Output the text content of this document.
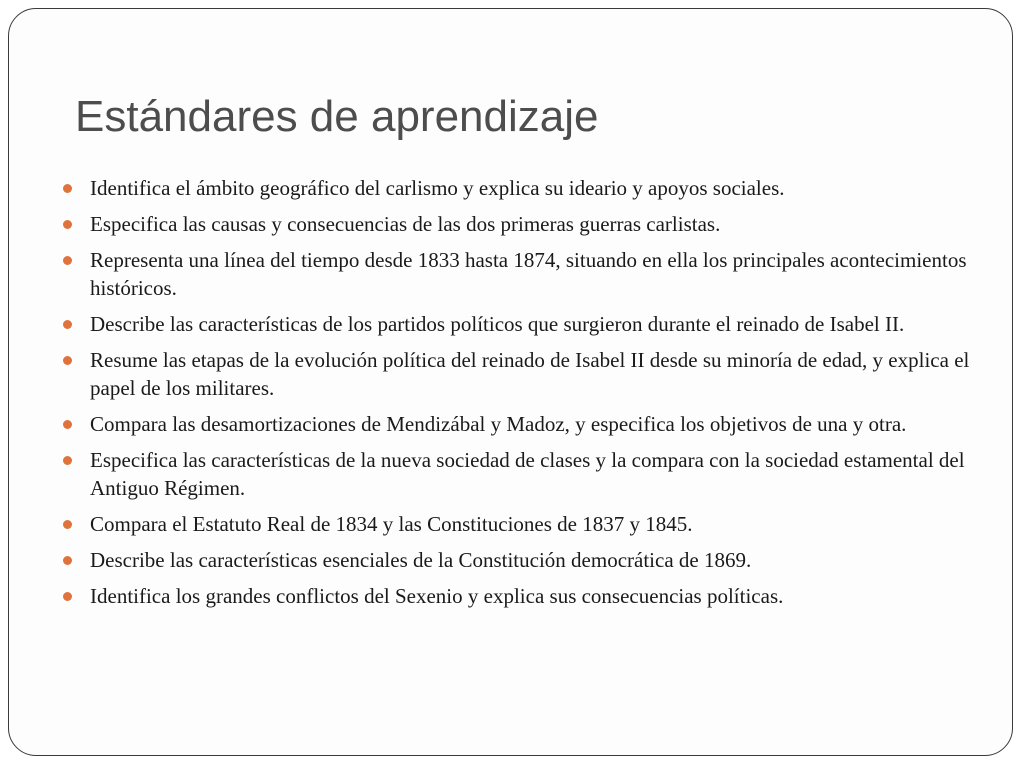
Estándares de aprendizaje
Identifica el ámbito geográfico del carlismo y explica su ideario y apoyos sociales.
Especifica las causas y consecuencias de las dos primeras guerras carlistas.
Representa una línea del tiempo desde 1833 hasta 1874, situando en ella los principales acontecimientos históricos.
Describe las características de los partidos políticos que surgieron durante el reinado de Isabel II.
Resume las etapas de la evolución política del reinado de Isabel II desde su minoría de edad, y explica el papel de los militares.
Compara las desamortizaciones de Mendizábal y Madoz, y especifica los objetivos de una y otra.
Especifica las características de la nueva sociedad de clases y la compara con la sociedad estamental del Antiguo Régimen.
Compara el Estatuto Real de 1834 y las Constituciones de 1837 y 1845.
Describe las características esenciales de la Constitución democrática de 1869.
Identifica los grandes conflictos del Sexenio y explica sus consecuencias políticas.
